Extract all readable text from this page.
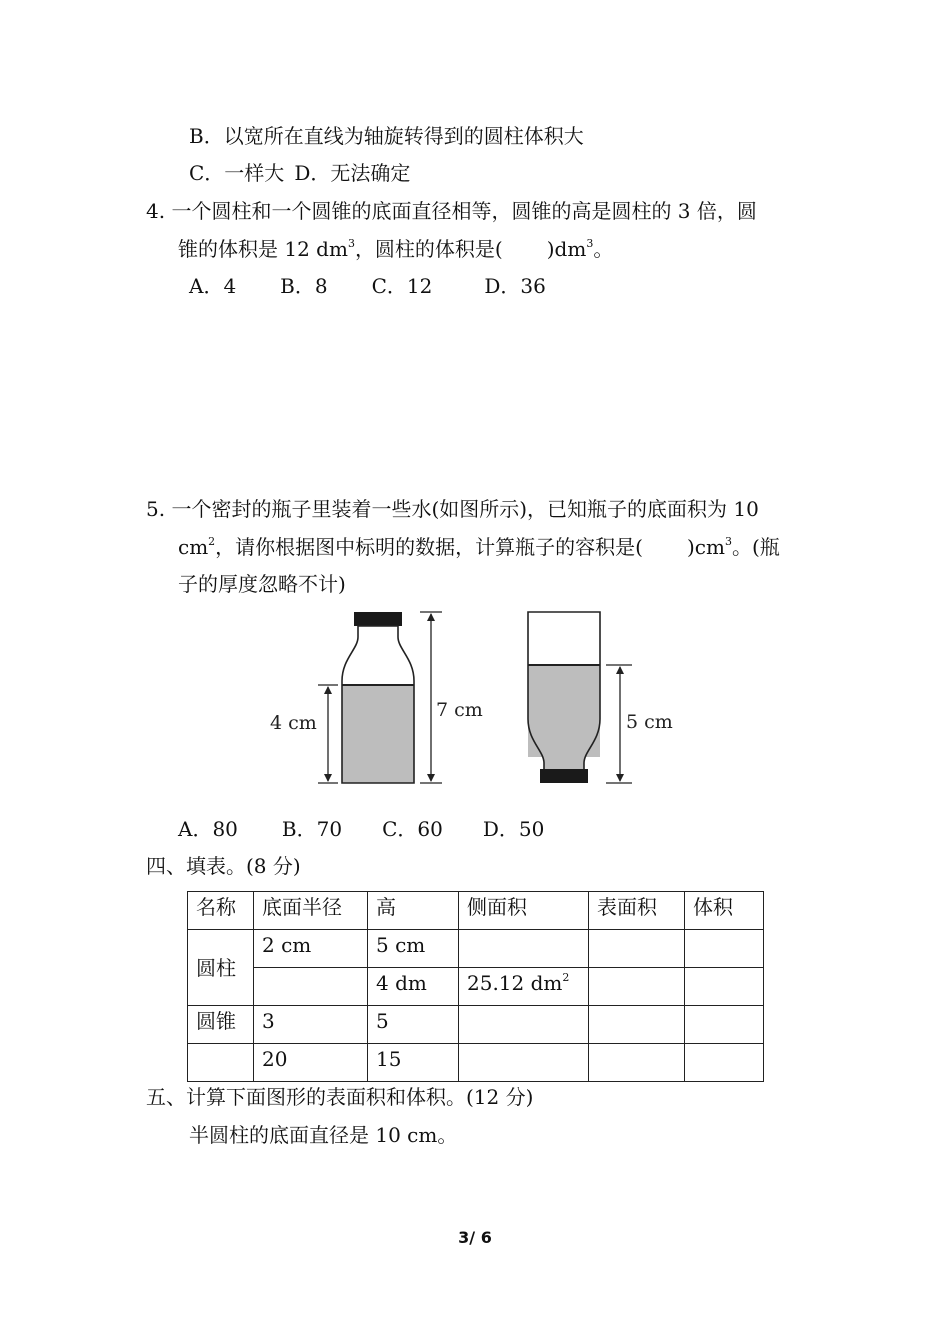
B．以宽所在直线为轴旋转得到的圆柱体积大
C．一样大 D．无法确定
4. 一个圆柱和一个圆锥的底面直径相等，圆锥的高是圆柱的 3 倍，圆
锥的体积是 12 $dm^3$，圆柱的体积是( )$dm^3$。
A．4 B．8 C．12	D．36
5. 一个密封的瓶子里装着一些水(如图所示)，已知瓶子的底面积为 10
$cm^2$，请你根据图中标明的数据，计算瓶子的容积是( )$cm^3$。(瓶
子的厚度忽略不计)
4 cm
7 cm
5 cm
A．80 B．70 C．60 D．50
四、填表。(8 分)
名称	底面半径	高	侧面积	表面积	体积
圆柱	2 cm	5 cm			
		4 dm	25.12 $dm^2$		
圆锥	3	5			
	20	15			
五、计算下面图形的表面积和体积。(12 分)
半圆柱的底面直径是 10 cm。
3/ 6
